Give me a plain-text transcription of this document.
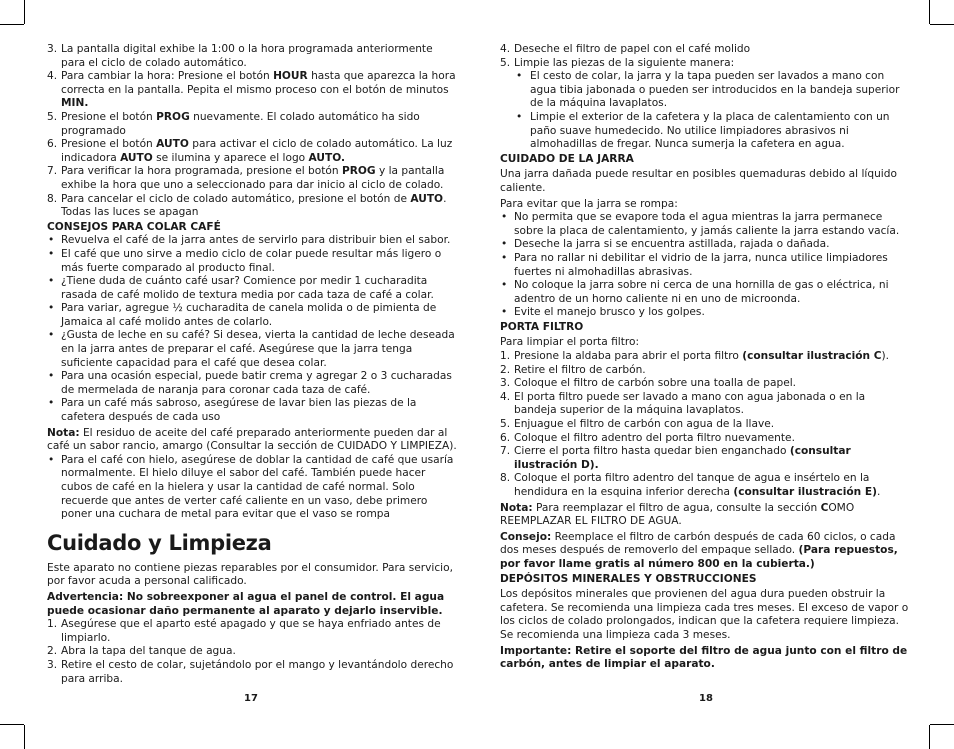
3. La pantalla digital exhibe la 1:00 o la hora programada anteriormente para el ciclo de colado automático.
4. Para cambiar la hora: Presione el botón HOUR hasta que aparezca la hora correcta en la pantalla. Pepita el mismo proceso con el botón de minutos MIN.
5. Presione el botón PROG nuevamente. El colado automático ha sido programado
6. Presione el botón AUTO para activar el ciclo de colado automático. La luz indicadora AUTO se ilumina y aparece el logo AUTO.
7. Para verificar la hora programada, presione el botón PROG y la pantalla exhibe la hora que uno a seleccionado para dar inicio al ciclo de colado.
8. Para cancelar el ciclo de colado automático, presione el botón de AUTO. Todas las luces se apagan
CONSEJOS PARA COLAR CAFÉ
• Revuelva el café de la jarra antes de servirlo para distribuir bien el sabor.
• El café que uno sirve a medio ciclo de colar puede resultar más ligero o más fuerte comparado al producto final.
• ¿Tiene duda de cuánto café usar? Comience por medir 1 cucharadita rasada de café molido de textura media por cada taza de café a colar.
• Para variar, agregue ½ cucharadita de canela molida o de pimienta de Jamaica al café molido antes de colarlo.
• ¿Gusta de leche en su café? Si desea, vierta la cantidad de leche deseada en la jarra antes de preparar el café. Asegúrese que la jarra tenga suficiente capacidad para el café que desea colar.
• Para una ocasión especial, puede batir crema y agregar 2 o 3 cucharadas de mermelada de naranja para coronar cada taza de café.
• Para un café más sabroso, asegúrese de lavar bien las piezas de la cafetera después de cada uso
Nota: El residuo de aceite del café preparado anteriormente pueden dar al café un sabor rancio, amargo (Consultar la sección de CUIDADO Y LIMPIEZA).
• Para el café con hielo, asegúrese de doblar la cantidad de café que usaría normalmente. El hielo diluye el sabor del café. También puede hacer cubos de café en la hielera y usar la cantidad de café normal. Solo recuerde que antes de verter café caliente en un vaso, debe primero poner una cuchara de metal para evitar que el vaso se rompa
Cuidado y Limpieza
Este aparato no contiene piezas reparables por el consumidor. Para servicio, por favor acuda a personal calificado.
Advertencia: No sobreexponer al agua el panel de control. El agua puede ocasionar daño permanente al aparato y dejarlo inservible.
1. Asegúrese que el aparto esté apagado y que se haya enfriado antes de limpiarlo.
2. Abra la tapa del tanque de agua.
3. Retire el cesto de colar, sujetándolo por el mango y levantándolo derecho para arriba.
4. Deseche el filtro de papel con el café molido
5. Limpie las piezas de la siguiente manera:
• El cesto de colar, la jarra y la tapa pueden ser lavados a mano con agua tibia jabonada o pueden ser introducidos en la bandeja superior de la máquina lavaplatos.
• Limpie el exterior de la cafetera y la placa de calentamiento con un paño suave humedecido. No utilice limpiadores abrasivos ni almohadillas de fregar. Nunca sumerja la cafetera en agua.
CUIDADO DE LA JARRA
Una jarra dañada puede resultar en posibles quemaduras debido al líquido caliente.
Para evitar que la jarra se rompa:
• No permita que se evapore toda el agua mientras la jarra permanece sobre la placa de calentamiento, y jamás caliente la jarra estando vacía.
• Deseche la jarra si se encuentra astillada, rajada o dañada.
• Para no rallar ni debilitar el vidrio de la jarra, nunca utilice limpiadores fuertes ni almohadillas abrasivas.
• No coloque la jarra sobre ni cerca de una hornilla de gas o eléctrica, ni adentro de un horno caliente ni en uno de microonda.
• Evite el manejo brusco y los golpes.
PORTA FILTRO
Para limpiar el porta filtro:
1. Presione la aldaba para abrir el porta filtro (consultar ilustración C).
2. Retire el filtro de carbón.
3. Coloque el filtro de carbón sobre una toalla de papel.
4. El porta filtro puede ser lavado a mano con agua jabonada o en la bandeja superior de la máquina lavaplatos.
5. Enjuague el filtro de carbón con agua de la llave.
6. Coloque el filtro adentro del porta filtro nuevamente.
7. Cierre el porta filtro hasta quedar bien enganchado (consultar ilustración D).
8. Coloque el porta filtro adentro del tanque de agua e insértelo en la hendidura en la esquina inferior derecha (consultar ilustración E).
Nota: Para reemplazar el filtro de agua, consulte la sección COMO REEMPLAZAR EL FILTRO DE AGUA.
Consejo: Reemplace el filtro de carbón después de cada 60 ciclos, o cada dos meses después de removerlo del empaque sellado. (Para repuestos, por favor llame gratis al número 800 en la cubierta.)
DEPÓSITOS MINERALES Y OBSTRUCCIONES
Los depósitos minerales que provienen del agua dura pueden obstruir la cafetera. Se recomienda una limpieza cada tres meses. El exceso de vapor o los ciclos de colado prolongados, indican que la cafetera requiere limpieza. Se recomienda una limpieza cada 3 meses.
Importante: Retire el soporte del filtro de agua junto con el filtro de carbón, antes de limpiar el aparato.
17	18
